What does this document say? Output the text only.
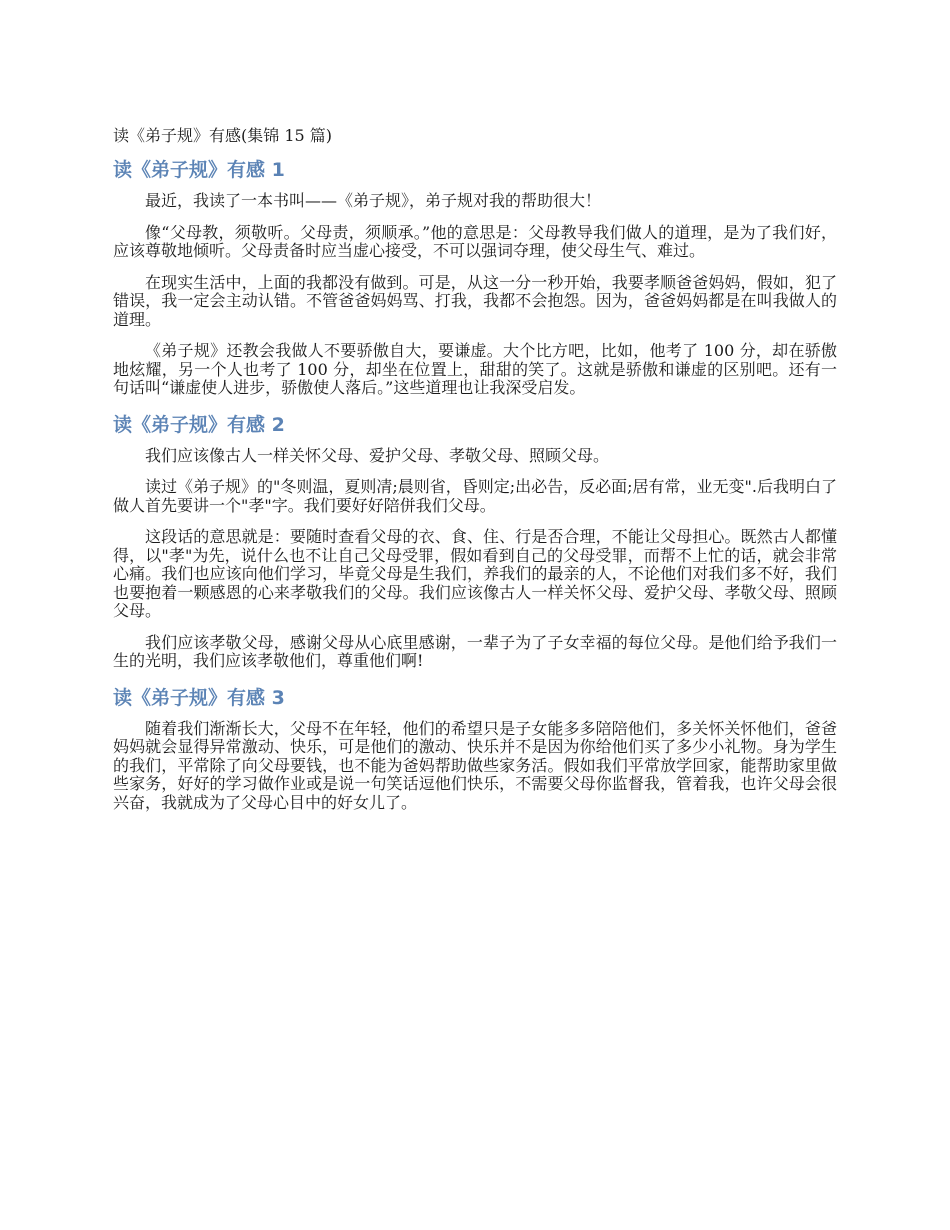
读《弟子规》有感(集锦 15 篇)
读《弟子规》有感 1

最近，我读了一本书叫——《弟子规》，弟子规对我的帮助很大！

像“父母教，须敬听。父母责，须顺承。”他的意思是：父母教导我们做人的道理，是为了我们好，应该尊敬地倾听。父母责备时应当虚心接受，不可以强词夺理，使父母生气、难过。

在现实生活中，上面的我都没有做到。可是，从这一分一秒开始，我要孝顺爸爸妈妈，假如，犯了错误，我一定会主动认错。不管爸爸妈妈骂、打我，我都不会抱怨。因为，爸爸妈妈都是在叫我做人的道理。

《弟子规》还教会我做人不要骄傲自大，要谦虚。大个比方吧，比如，他考了 100 分，却在骄傲地炫耀，另一个人也考了 100 分，却坐在位置上，甜甜的笑了。这就是骄傲和谦虚的区别吧。还有一句话叫“谦虚使人进步，骄傲使人落后。”这些道理也让我深受启发。

读《弟子规》有感 2

我们应该像古人一样关怀父母、爱护父母、孝敬父母、照顾父母。

读过《弟子规》的"冬则温，夏则凊;晨则省，昏则定;出必告，反必面;居有常，业无变".后我明白了做人首先要讲一个"孝"字。我们要好好陪併我们父母。

这段话的意思就是：要随时查看父母的衣、食、住、行是否合理，不能让父母担心。既然古人都懂得，以"孝"为先，说什么也不让自己父母受罪，假如看到自己的父母受罪，而帮不上忙的话，就会非常心痛。我们也应该向他们学习，毕竟父母是生我们，养我们的最亲的人，不论他们对我们多不好，我们也要抱着一颗感恩的心来孝敬我们的父母。我们应该像古人一样关怀父母、爱护父母、孝敬父母、照顾父母。

我们应该孝敬父母，感谢父母从心底里感谢，一辈子为了子女幸福的每位父母。是他们给予我们一生的光明，我们应该孝敬他们，尊重他们啊!

读《弟子规》有感 3

随着我们渐渐长大，父母不在年轻，他们的希望只是子女能多多陪陪他们，多关怀关怀他们，爸爸妈妈就会显得异常激动、快乐，可是他们的激动、快乐并不是因为你给他们买了多少小礼物。身为学生的我们，平常除了向父母要钱，也不能为爸妈帮助做些家务活。假如我们平常放学回家，能帮助家里做些家务，好好的学习做作业或是说一句笑话逗他们快乐，不需要父母你监督我，管着我，也许父母会很兴奋，我就成为了父母心目中的好女儿了。
